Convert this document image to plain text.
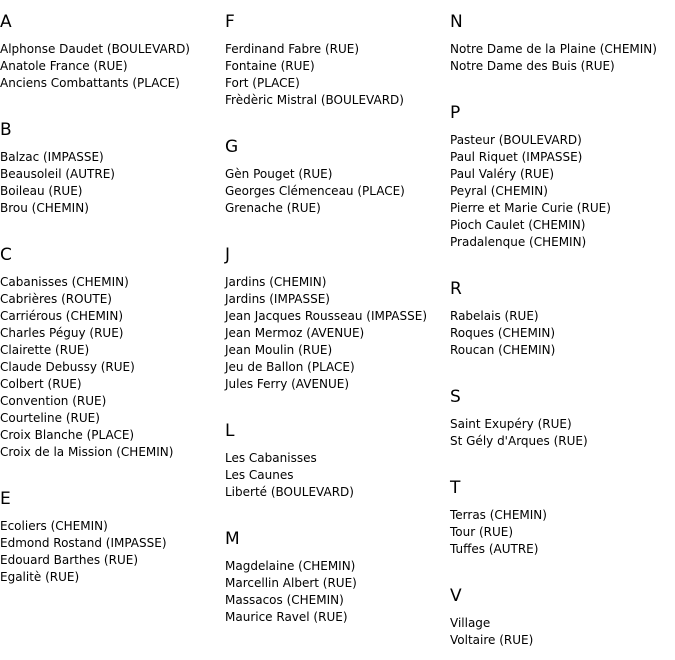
A
Alphonse Daudet (BOULEVARD)
Anatole France (RUE)
Anciens Combattants (PLACE)
B
Balzac (IMPASSE)
Beausoleil (AUTRE)
Boileau (RUE)
Brou (CHEMIN)
C
Cabanisses (CHEMIN)
Cabrières (ROUTE)
Carriérous (CHEMIN)
Charles Péguy (RUE)
Clairette (RUE)
Claude Debussy (RUE)
Colbert (RUE)
Convention (RUE)
Courteline (RUE)
Croix Blanche (PLACE)
Croix de la Mission (CHEMIN)
E
Ecoliers (CHEMIN)
Edmond Rostand (IMPASSE)
Edouard Barthes (RUE)
Egalitè (RUE)
F
Ferdinand Fabre (RUE)
Fontaine (RUE)
Fort (PLACE)
Frèdèric Mistral (BOULEVARD)
G
Gèn Pouget (RUE)
Georges Clémenceau (PLACE)
Grenache (RUE)
J
Jardins (CHEMIN)
Jardins (IMPASSE)
Jean Jacques Rousseau (IMPASSE)
Jean Mermoz (AVENUE)
Jean Moulin (RUE)
Jeu de Ballon (PLACE)
Jules Ferry (AVENUE)
L
Les Cabanisses
Les Caunes
Liberté (BOULEVARD)
M
Magdelaine (CHEMIN)
Marcellin Albert (RUE)
Massacos (CHEMIN)
Maurice Ravel (RUE)
N
Notre Dame de la Plaine (CHEMIN)
Notre Dame des Buis (RUE)
P
Pasteur (BOULEVARD)
Paul Riquet (IMPASSE)
Paul Valéry (RUE)
Peyral (CHEMIN)
Pierre et Marie Curie (RUE)
Pioch Caulet (CHEMIN)
Pradalenque (CHEMIN)
R
Rabelais (RUE)
Roques (CHEMIN)
Roucan (CHEMIN)
S
Saint Exupéry (RUE)
St Gély d'Arques (RUE)
T
Terras (CHEMIN)
Tour (RUE)
Tuffes (AUTRE)
V
Village
Voltaire (RUE)
